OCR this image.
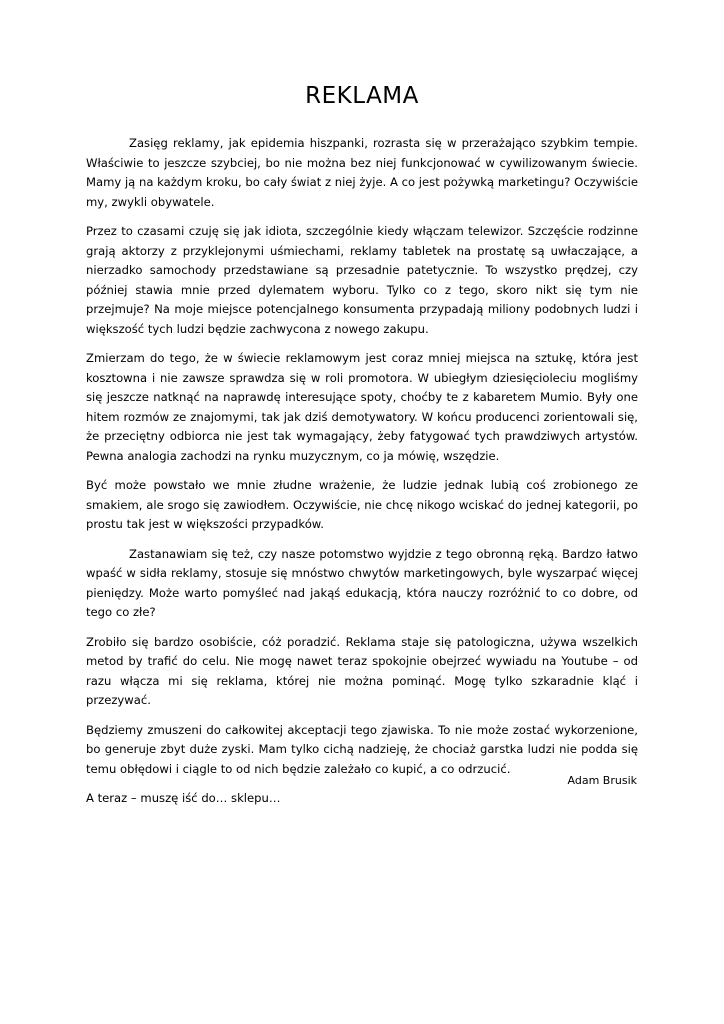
REKLAMA

Zasięg reklamy, jak epidemia hiszpanki, rozrasta się w przerażająco szybkim tempie. Właściwie to jeszcze szybciej, bo nie można bez niej funkcjonować w cywilizowanym świecie. Mamy ją na każdym kroku, bo cały świat z niej żyje. A co jest pożywką marketingu? Oczywiście my, zwykli obywatele.

Przez to czasami czuję się jak idiota, szczególnie kiedy włączam telewizor. Szczęście rodzinne grają aktorzy z przyklejonymi uśmiechami, reklamy tabletek na prostatę są uwłaczające, a nierzadko samochody przedstawiane są przesadnie patetycznie. To wszystko prędzej, czy później stawia mnie przed dylematem wyboru. Tylko co z tego, skoro nikt się tym nie przejmuje? Na moje miejsce potencjalnego konsumenta przypadają miliony podobnych ludzi i większość tych ludzi będzie zachwycona z nowego zakupu.

Zmierzam do tego, że w świecie reklamowym jest coraz mniej miejsca na sztukę, która jest kosztowna i nie zawsze sprawdza się w roli promotora. W ubiegłym dziesięcioleciu mogliśmy się jeszcze natknąć na naprawdę interesujące spoty, choćby te z kabaretem Mumio. Były one hitem rozmów ze znajomymi, tak jak dziś demotywatory. W końcu producenci zorientowali się, że przeciętny odbiorca nie jest tak wymagający, żeby fatygować tych prawdziwych artystów. Pewna analogia zachodzi na rynku muzycznym, co ja mówię, wszędzie.

Być może powstało we mnie złudne wrażenie, że ludzie jednak lubią coś zrobionego ze smakiem, ale srogo się zawiodłem. Oczywiście, nie chcę nikogo wciskać do jednej kategorii, po prostu tak jest w większości przypadków.

Zastanawiam się też, czy nasze potomstwo wyjdzie z tego obronną ręką. Bardzo łatwo wpaść w sidła reklamy, stosuje się mnóstwo chwytów marketingowych, byle wyszarpać więcej pieniędzy. Może warto pomyśleć nad jakąś edukacją, która nauczy rozróżnić to co dobre, od tego co złe?

Zrobiło się bardzo osobiście, cóż poradzić. Reklama staje się patologiczna, używa wszelkich metod by trafić do celu. Nie mogę nawet teraz spokojnie obejrzeć wywiadu na Youtube – od razu włącza mi się reklama, której nie można pominąć. Mogę tylko szkaradnie kląć i przezywać.

Będziemy zmuszeni do całkowitej akceptacji tego zjawiska. To nie może zostać wykorzenione, bo generuje zbyt duże zyski. Mam tylko cichą nadzieję, że chociaż garstka ludzi nie podda się temu obłędowi i ciągle to od nich będzie zależało co kupić, a co odrzucić.

A teraz – muszę iść do… sklepu…

Adam Brusik
